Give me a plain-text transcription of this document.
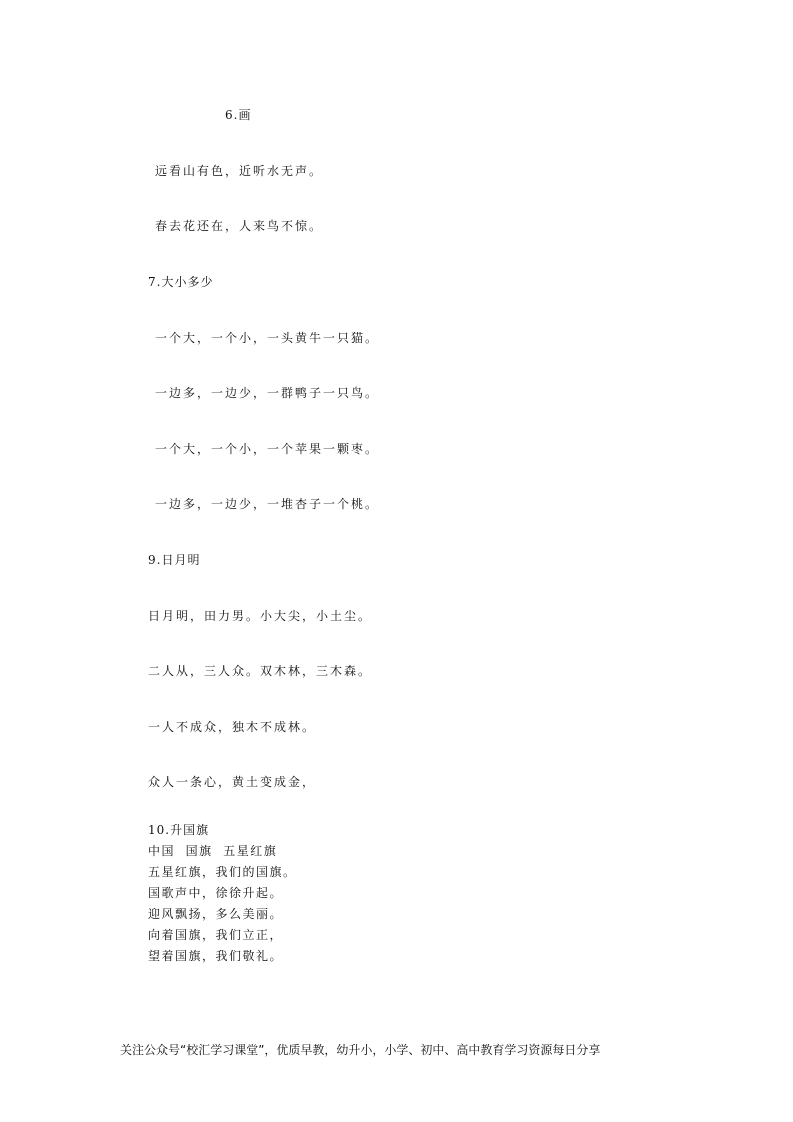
6.画
远看山有色，近听水无声。
春去花还在，人来鸟不惊。
7.大小多少
一个大，一个小，一头黄牛一只猫。
一边多，一边少，一群鸭子一只鸟。
一个大，一个小，一个苹果一颗枣。
一边多，一边少，一堆杏子一个桃。
9.日月明
日月明，田力男。小大尖，小土尘。
二人从，三人众。双木林，三木森。
一人不成众，独木不成林。
众人一条心，黄土变成金，
10.升国旗
中国  国旗  五星红旗
五星红旗，我们的国旗。
国歌声中，徐徐升起。
迎风飘扬，多么美丽。
向着国旗，我们立正，
望着国旗，我们敬礼。
关注公众号“校汇学习课堂”，优质早教，幼升小，小学、初中、高中教育学习资源每日分享
